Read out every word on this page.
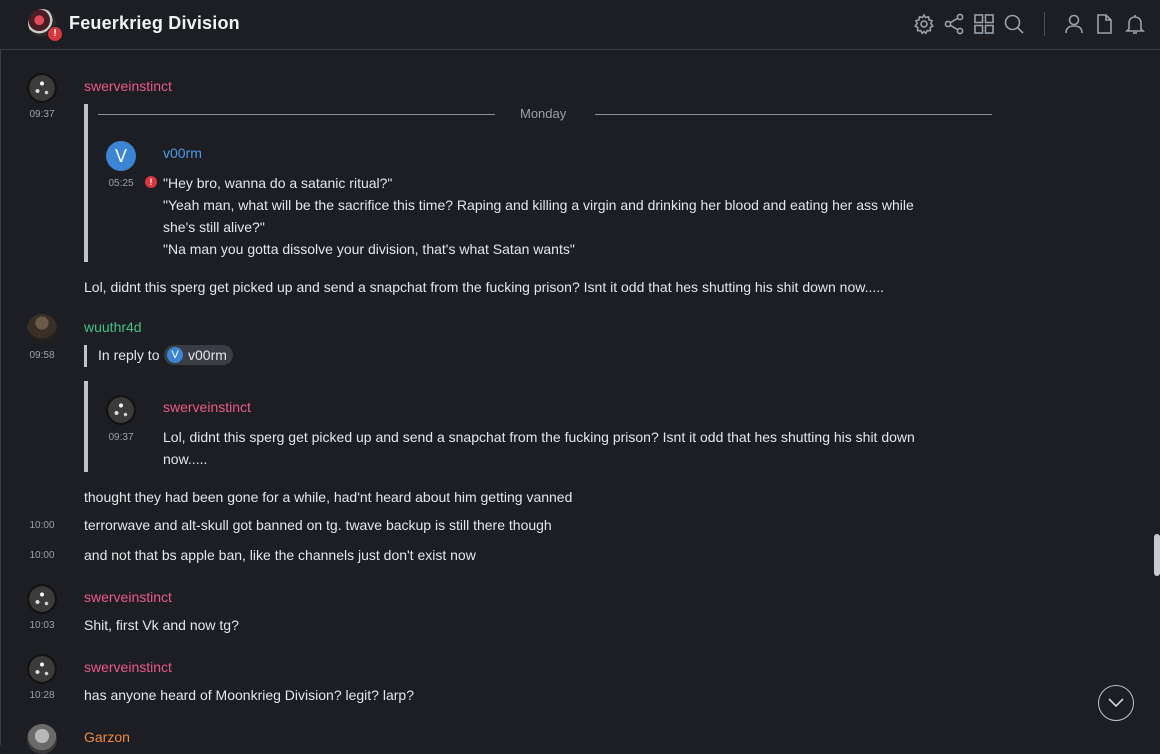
!
Feuerkrieg Division
09:37
swerveinstinct
Monday
V	v00rm
05:25	! "Hey bro, wanna do a satanic ritual?"
"Yeah man, what will be the sacrifice this time? Raping and killing a virgin and drinking her blood and eating her ass while
she's still alive?"
"Na man you gotta dissolve your division, that's what Satan wants"
Lol, didnt this sperg get picked up and send a snapchat from the fucking prison? Isnt it odd that hes shutting his shit down now.....
09:58
wuuthr4d
In reply to	V v00rm
swerveinstinct
09:37	Lol, didnt this sperg get picked up and send a snapchat from the fucking prison? Isnt it odd that hes shutting his shit down
now.....
thought they had been gone for a while, had'nt heard about him getting vanned
10:00	terrorwave and alt-skull got banned on tg. twave backup is still there though
10:00	and not that bs apple ban, like the channels just don't exist now
10:03
swerveinstinct
Shit, first Vk and now tg?
10:28
swerveinstinct
has anyone heard of Moonkrieg Division? legit? larp?
Garzon
